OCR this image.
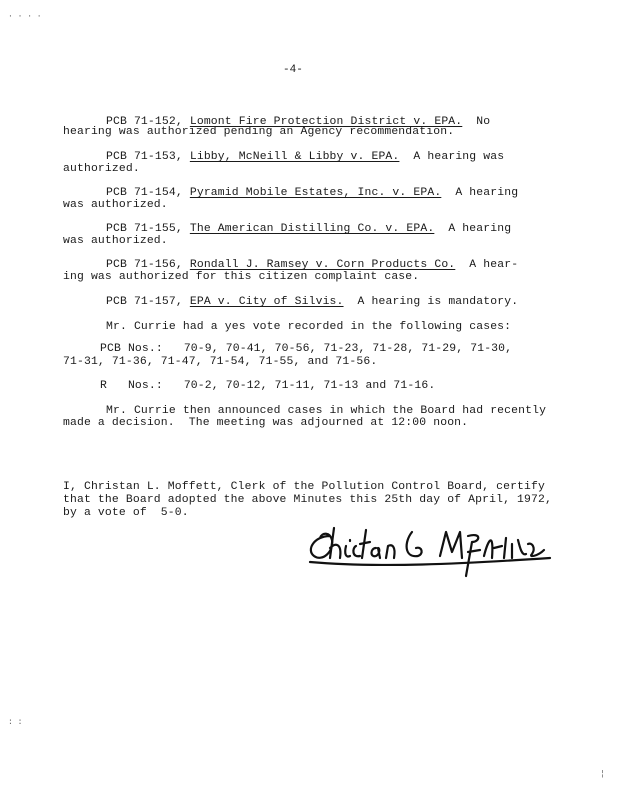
-4-
PCB 71-152, Lomont Fire Protection District v. EPA. No
hearing was authorized pending an Agency recommendation.
PCB 71-153, Libby, McNeill & Libby v. EPA. A hearing was
authorized.
PCB 71-154, Pyramid Mobile Estates, Inc. v. EPA. A hearing
was authorized.
PCB 71-155, The American Distilling Co. v. EPA. A hearing
was authorized.
PCB 71-156, Rondall J. Ramsey v. Corn Products Co. A hear-
ing was authorized for this citizen complaint case.
PCB 71-157, EPA v. City of Silvis. A hearing is mandatory.
Mr. Currie had a yes vote recorded in the following cases:
PCB Nos.:   70-9, 70-41, 70-56, 71-23, 71-28, 71-29, 71-30,
71-31, 71-36, 71-47, 71-54, 71-55, and 71-56.
R   Nos.:   70-2, 70-12, 71-11, 71-13 and 71-16.
Mr. Currie then announced cases in which the Board had recently
made a decision.  The meeting was adjourned at 12:00 noon.
I, Christan L. Moffett, Clerk of the Pollution Control Board, certify
that the Board adopted the above Minutes this 25th day of April, 1972,
by a vote of  5-0.
· · · ·
: :
¦
